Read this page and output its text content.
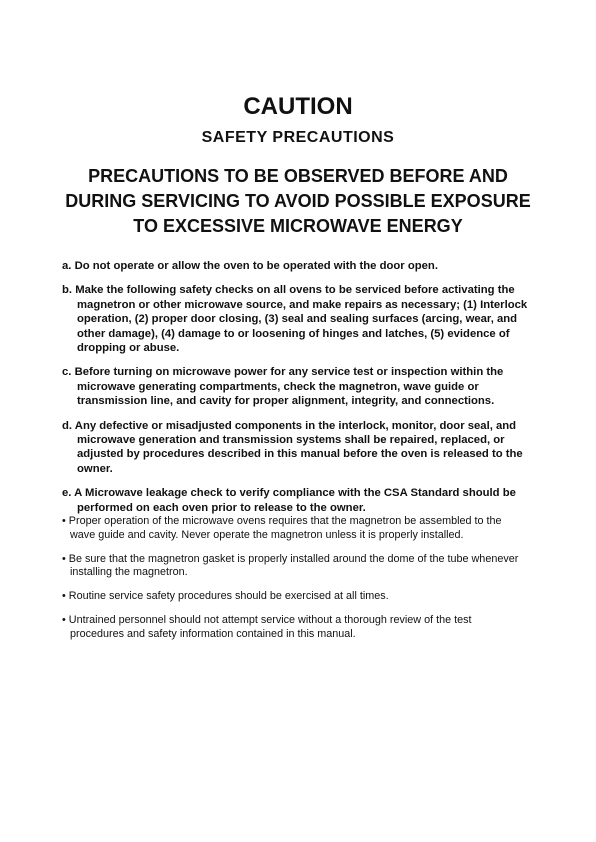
CAUTION
SAFETY PRECAUTIONS
PRECAUTIONS TO BE OBSERVED BEFORE AND
DURING SERVICING TO AVOID POSSIBLE EXPOSURE
TO EXCESSIVE MICROWAVE ENERGY
a. Do not operate or allow the oven to be operated with the door open.
b. Make the following safety checks on all ovens to be serviced before activating the
magnetron or other microwave source, and make repairs as necessary; (1) Interlock
operation, (2) proper door closing, (3) seal and sealing surfaces (arcing, wear, and
other damage), (4) damage to or loosening of hinges and latches, (5) evidence of
dropping or abuse.
c. Before turning on microwave power for any service test or inspection within the
microwave generating compartments, check the magnetron, wave guide or
transmission line, and cavity for proper alignment, integrity, and connections.
d. Any defective or misadjusted components in the interlock, monitor, door seal, and
microwave generation and transmission systems shall be repaired, replaced, or
adjusted by procedures described in this manual before the oven is released to the
owner.
e. A Microwave leakage check to verify compliance with the CSA Standard should be
performed on each oven prior to release to the owner.
• Proper operation of the microwave ovens requires that the magnetron be assembled to the
wave guide and cavity. Never operate the magnetron unless it is properly installed.
• Be sure that the magnetron gasket is properly installed around the dome of the tube whenever
installing the magnetron.
• Routine service safety procedures should be exercised at all times.
• Untrained personnel should not attempt service without a thorough review of the test
procedures and safety information contained in this manual.
